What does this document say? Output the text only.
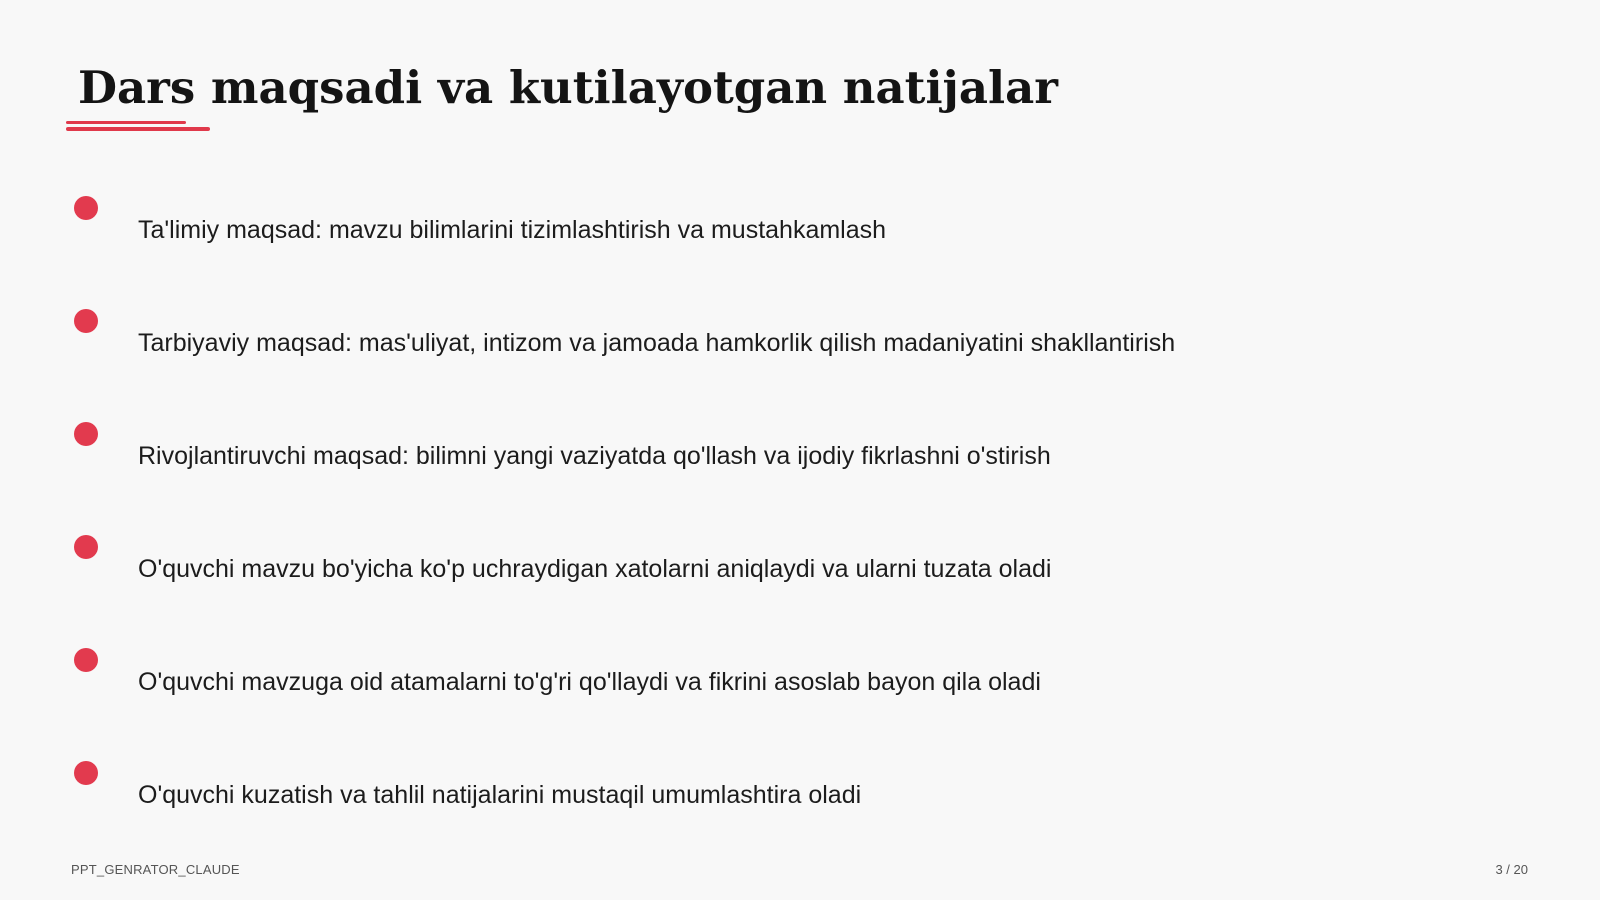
Dars maqsadi va kutilayotgan natijalar
Ta'limiy maqsad: mavzu bilimlarini tizimlashtirish va mustahkamlash
Tarbiyaviy maqsad: mas'uliyat, intizom va jamoada hamkorlik qilish madaniyatini shakllantirish
Rivojlantiruvchi maqsad: bilimni yangi vaziyatda qo'llash va ijodiy fikrlashni o'stirish
O'quvchi mavzu bo'yicha ko'p uchraydigan xatolarni aniqlaydi va ularni tuzata oladi
O'quvchi mavzuga oid atamalarni to'g'ri qo'llaydi va fikrini asoslab bayon qila oladi
O'quvchi kuzatish va tahlil natijalarini mustaqil umumlashtira oladi
PPT_GENRATOR_CLAUDE	3 / 20
